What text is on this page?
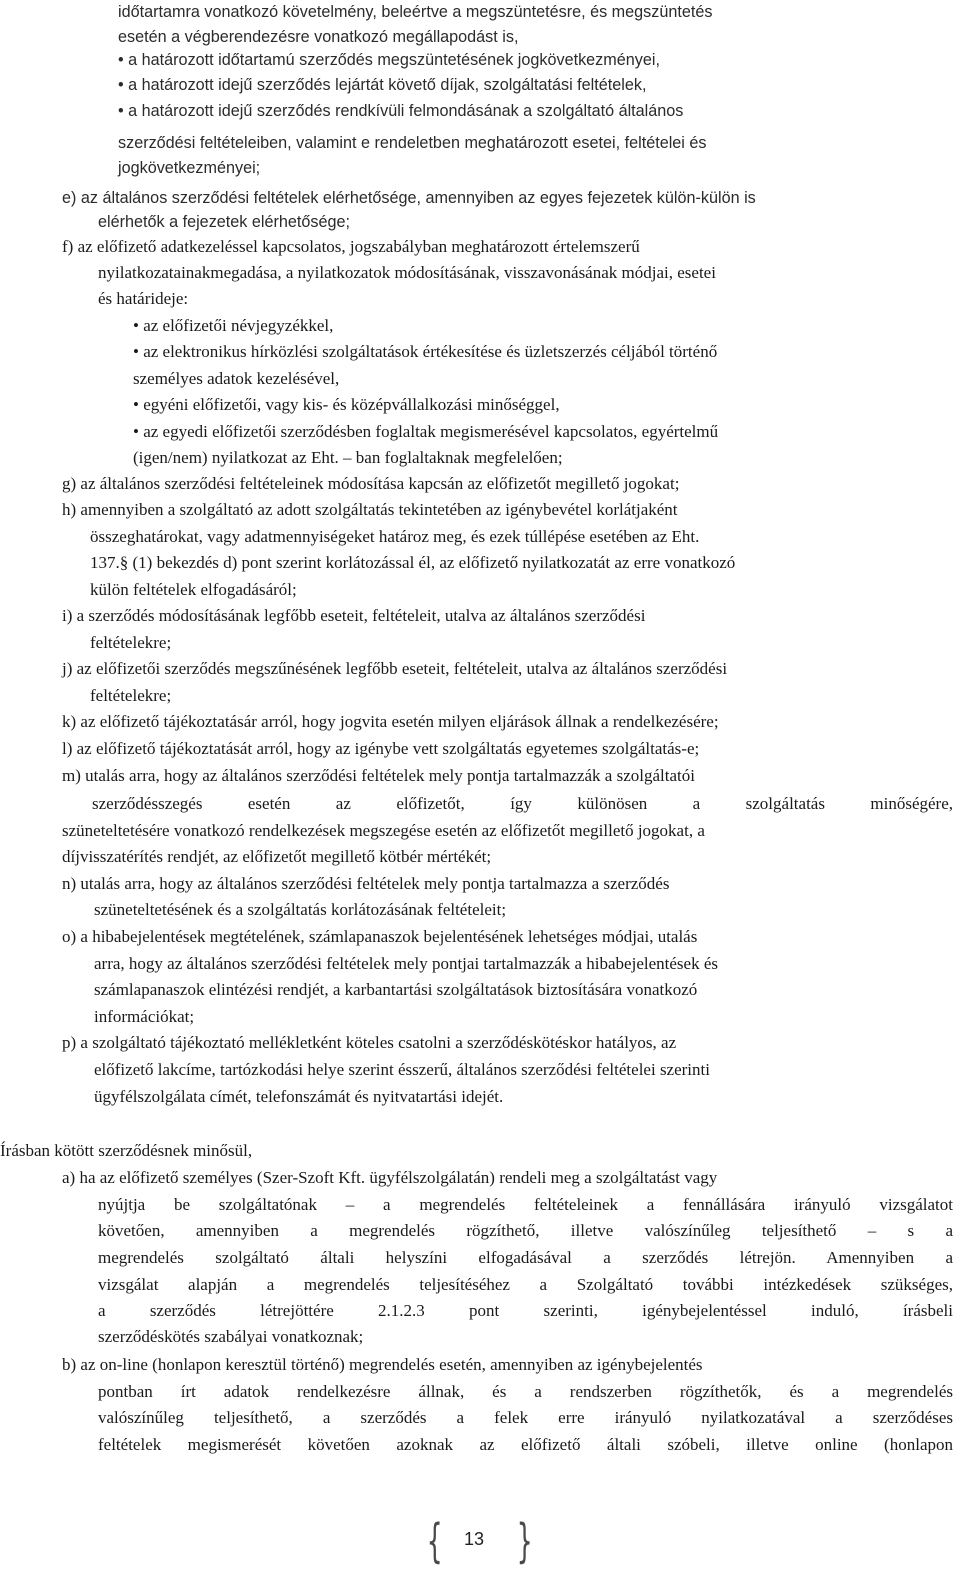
időtartamra vonatkozó követelmény, beleértve a megszüntetésre, és megszüntetés
esetén a végberendezésre vonatkozó megállapodást is,
• a határozott időtartamú szerződés megszüntetésének jogkövetkezményei,
• a határozott idejű szerződés lejártát követő díjak, szolgáltatási feltételek,
• a határozott idejű szerződés rendkívüli felmondásának a szolgáltató általános
szerződési feltételeiben, valamint e rendeletben meghatározott esetei, feltételei és
jogkövetkezményei;
e) az általános szerződési feltételek elérhetősége, amennyiben az egyes fejezetek külön-külön is
elérhetők a fejezetek elérhetősége;
f) az előfizető adatkezeléssel kapcsolatos, jogszabályban meghatározott értelemszerű
nyilatkozatainakmegadása, a nyilatkozatok módosításának, visszavonásának módjai, esetei
és határideje:
• az előfizetői névjegyzékkel,
• az elektronikus hírközlési szolgáltatások értékesítése és üzletszerzés céljából történő
személyes adatok kezelésével,
• egyéni előfizetői, vagy kis- és középvállalkozási minőséggel,
• az egyedi előfizetői szerződésben foglaltak megismerésével kapcsolatos, egyértelmű
(igen/nem) nyilatkozat az Eht. – ban foglaltaknak megfelelően;
g) az általános szerződési feltételeinek módosítása kapcsán az előfizetőt megillető jogokat;
h) amennyiben a szolgáltató az adott szolgáltatás tekintetében az igénybevétel korlátjaként
összeghatárokat, vagy adatmennyiségeket határoz meg, és ezek túllépése esetében az Eht.
137.§ (1) bekezdés d) pont szerint korlátozással él, az előfizető nyilatkozatát az erre vonatkozó
külön feltételek elfogadásáról;
i) a szerződés módosításának legfőbb eseteit, feltételeit, utalva az általános szerződési
feltételekre;
j) az előfizetői szerződés megszűnésének legfőbb eseteit, feltételeit, utalva az általános szerződési
feltételekre;
k) az előfizető tájékoztatásár arról, hogy jogvita esetén milyen eljárások állnak a rendelkezésére;
l) az előfizető tájékoztatását arról, hogy az igénybe vett szolgáltatás egyetemes szolgáltatás-e;
m) utalás arra, hogy az általános szerződési feltételek mely pontja tartalmazzák a szolgáltatói
szerződésszegés esetén az előfizetőt, így különösen a szolgáltatás minőségére,
szüneteltetésére vonatkozó rendelkezések megszegése esetén az előfizetőt megillető jogokat, a
díjvisszatérítés rendjét, az előfizetőt megillető kötbér mértékét;
n) utalás arra, hogy az általános szerződési feltételek mely pontja tartalmazza a szerződés
szüneteltetésének és a szolgáltatás korlátozásának feltételeit;
o) a hibabejelentések megtételének, számlapanaszok bejelentésének lehetséges módjai, utalás
arra, hogy az általános szerződési feltételek mely pontjai tartalmazzák a hibabejelentések és
számlapanaszok elintézési rendjét, a karbantartási szolgáltatások biztosítására vonatkozó
információkat;
p) a szolgáltató tájékoztató mellékletként köteles csatolni a szerződéskötéskor hatályos, az
előfizető lakcíme, tartózkodási helye szerint ésszerű, általános szerződési feltételei szerinti
ügyfélszolgálata címét, telefonszámát és nyitvatartási idejét.
Írásban kötött szerződésnek minősül,
a) ha az előfizető személyes (Szer-Szoft Kft. ügyfélszolgálatán) rendeli meg a szolgáltatást vagy
nyújtja be szolgáltatónak – a megrendelés feltételeinek a fennállására irányuló vizsgálatot
követően, amennyiben a megrendelés rögzíthető, illetve valószínűleg teljesíthető – s a
megrendelés szolgáltató általi helyszíni elfogadásával a szerződés létrejön. Amennyiben a
vizsgálat alapján a megrendelés teljesítéséhez a Szolgáltató további intézkedések szükséges,
a szerződés létrejöttére 2.1.2.3 pont szerinti, igénybejelentéssel induló, írásbeli
szerződéskötés szabályai vonatkoznak;
b) az on-line (honlapon keresztül történő) megrendelés esetén, amennyiben az igénybejelentés
pontban írt adatok rendelkezésre állnak, és a rendszerben rögzíthetők, és a megrendelés
valószínűleg teljesíthető, a szerződés a felek erre irányuló nyilatkozatával a szerződéses
feltételek megismerését követően azoknak az előfizető általi szóbeli, illetve online (honlapon
{	13 }
